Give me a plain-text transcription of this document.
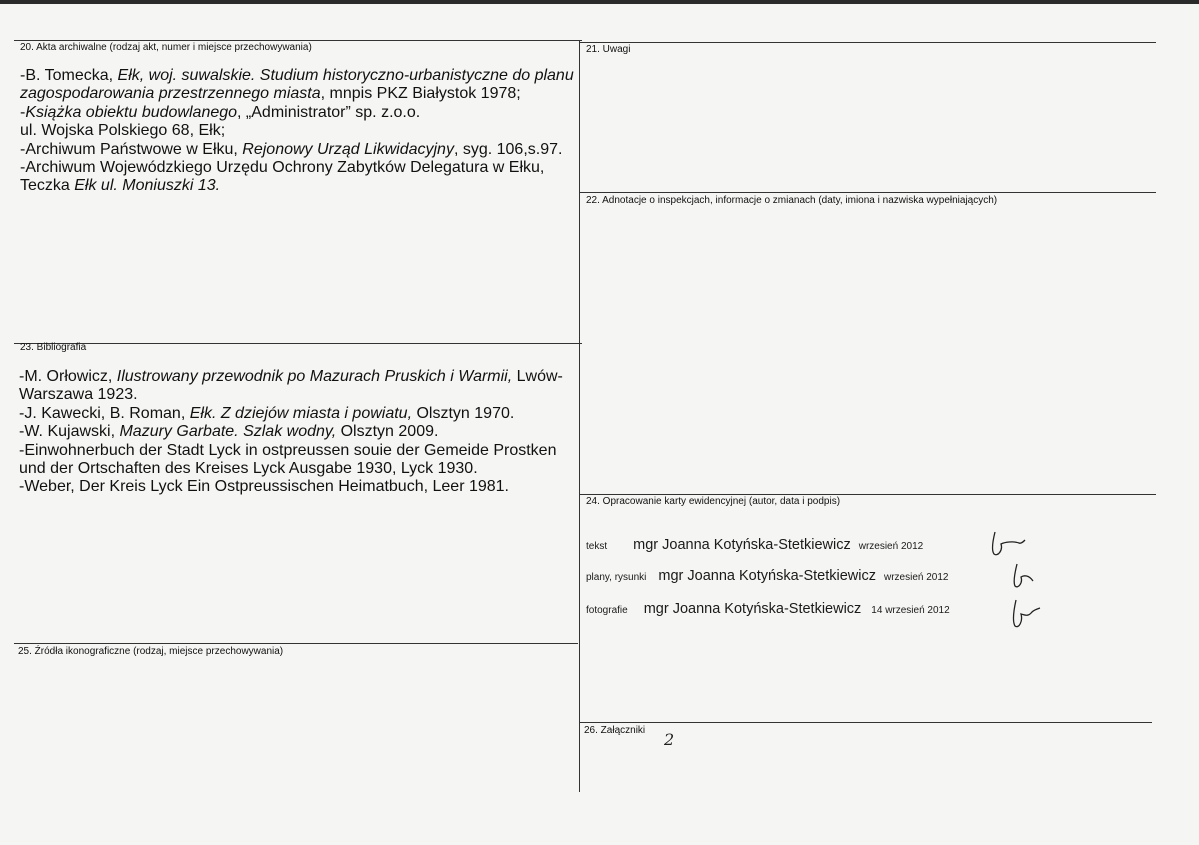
20. Akta archiwalne (rodzaj akt, numer i miejsce przechowywania)	21. Uwagi
22. Adnotacje o inspekcjach, informacje o zmianach (daty, imiona i nazwiska wypełniających)
23. Bibliografia
24. Opracowanie karty ewidencyjnej (autor, data i podpis)
25. Źródła ikonograficzne (rodzaj, miejsce przechowywania)
26. Załączniki

-B. Tomecka, Ełk, woj. suwalskie. Studium historyczno-urbanistyczne do planu zagospodarowania przestrzennego miasta, mnpis PKZ Białystok 1978;

-Książka obiektu budowlanego, „Administrator” sp. z.o.o.

ul. Wojska Polskiego 68, Ełk;

-Archiwum Państwowe w Ełku, Rejonowy Urząd Likwidacyjny, syg. 106,s.97.

-Archiwum Wojewódzkiego Urzędu Ochrony Zabytków Delegatura w Ełku, Teczka Ełk ul. Moniuszki 13.

-M. Orłowicz, Ilustrowany przewodnik po Mazurach Pruskich i Warmii, Lwów-Warszawa 1923.

-J. Kawecki, B. Roman, Ełk. Z dziejów miasta i powiatu, Olsztyn 1970.

-W. Kujawski, Mazury Garbate. Szlak wodny, Olsztyn 2009.

-Einwohnerbuch der Stadt Lyck in ostpreussen souie der Gemeide Prostken und der Ortschaften des Kreises Lyck Ausgabe 1930, Lyck 1930.

-Weber, Der Kreis Lyck Ein Ostpreussischen Heimatbuch, Leer 1981.

tekst mgr Joanna Kotyńska-Stetkiewicz wrzesień 2012
plany, rysunki mgr Joanna Kotyńska-Stetkiewicz wrzesień 2012
fotografie mgr Joanna Kotyńska-Stetkiewicz 14 wrzesień 2012
2
